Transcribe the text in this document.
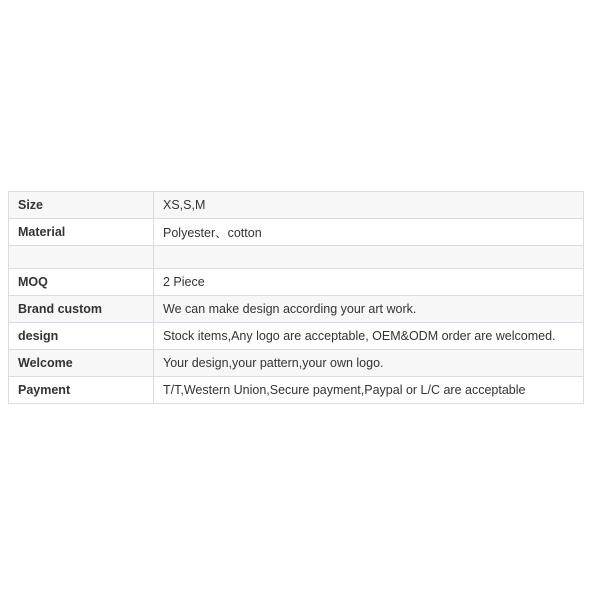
Size	XS,S,M
Material	Polyester、cotton

MOQ	2 Piece
Brand custom	We can make design according your art work.
design	Stock items,Any logo are acceptable, OEM&ODM order are welcomed.
Welcome	Your design,your pattern,your own logo.
Payment	T/T,Western Union,Secure payment,Paypal or L/C are acceptable
